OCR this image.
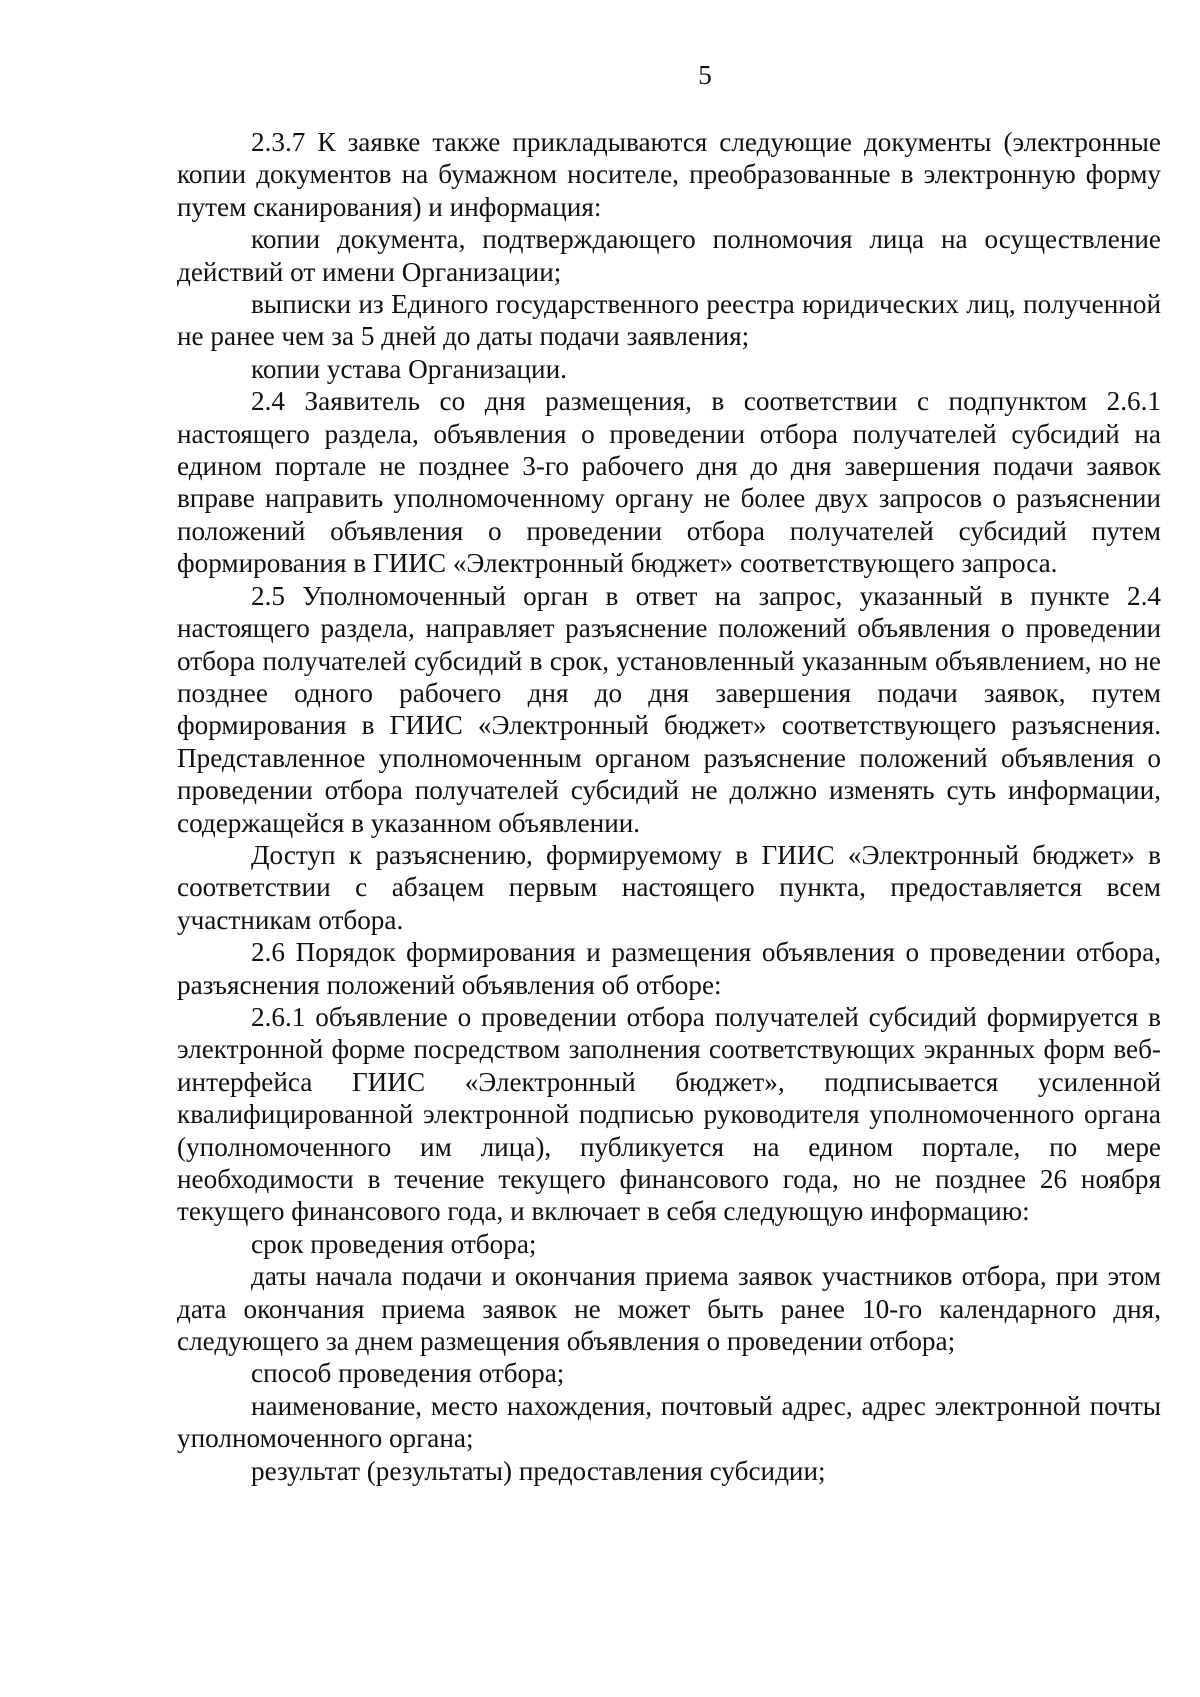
5

2.3.7 К заявке также прикладываются следующие документы (электронные копии документов на бумажном носителе, преобразованные в электронную форму путем сканирования) и информация:

копии документа, подтверждающего полномочия лица на осуществление действий от имени Организации;

выписки из Единого государственного реестра юридических лиц, полученной не ранее чем за 5 дней до даты подачи заявления;

копии устава Организации.

2.4 Заявитель со дня размещения, в соответствии с подпунктом 2.6.1 настоящего раздела, объявления о проведении отбора получателей субсидий на едином портале не позднее 3-го рабочего дня до дня завершения подачи заявок вправе направить уполномоченному органу не более двух запросов о разъяснении положений объявления о проведении отбора получателей субсидий путем формирования в ГИИС «Электронный бюджет» соответствующего запроса.

2.5 Уполномоченный орган в ответ на запрос, указанный в пункте 2.4 настоящего раздела, направляет разъяснение положений объявления о проведении отбора получателей субсидий в срок, установленный указанным объявлением, но не позднее одного рабочего дня до дня завершения подачи заявок, путем формирования в ГИИС «Электронный бюджет» соответствующего разъяснения. Представленное уполномоченным органом разъяснение положений объявления о проведении отбора получателей субсидий не должно изменять суть информации, содержащейся в указанном объявлении.

Доступ к разъяснению, формируемому в ГИИС «Электронный бюджет» в соответствии с абзацем первым настоящего пункта, предоставляется всем участникам отбора.

2.6 Порядок формирования и размещения объявления о проведении отбора, разъяснения положений объявления об отборе:

2.6.1 объявление о проведении отбора получателей субсидий формируется в электронной форме посредством заполнения соответствующих экранных форм веб-интерфейса ГИИС «Электронный бюджет», подписывается усиленной квалифицированной электронной подписью руководителя уполномоченного органа (уполномоченного им лица), публикуется на едином портале, по мере необходимости в течение текущего финансового года, но не позднее 26 ноября текущего финансового года, и включает в себя следующую информацию:

срок проведения отбора;

даты начала подачи и окончания приема заявок участников отбора, при этом дата окончания приема заявок не может быть ранее 10-го календарного дня, следующего за днем размещения объявления о проведении отбора;

способ проведения отбора;

наименование, место нахождения, почтовый адрес, адрес электронной почты уполномоченного органа;

результат (результаты) предоставления субсидии;
